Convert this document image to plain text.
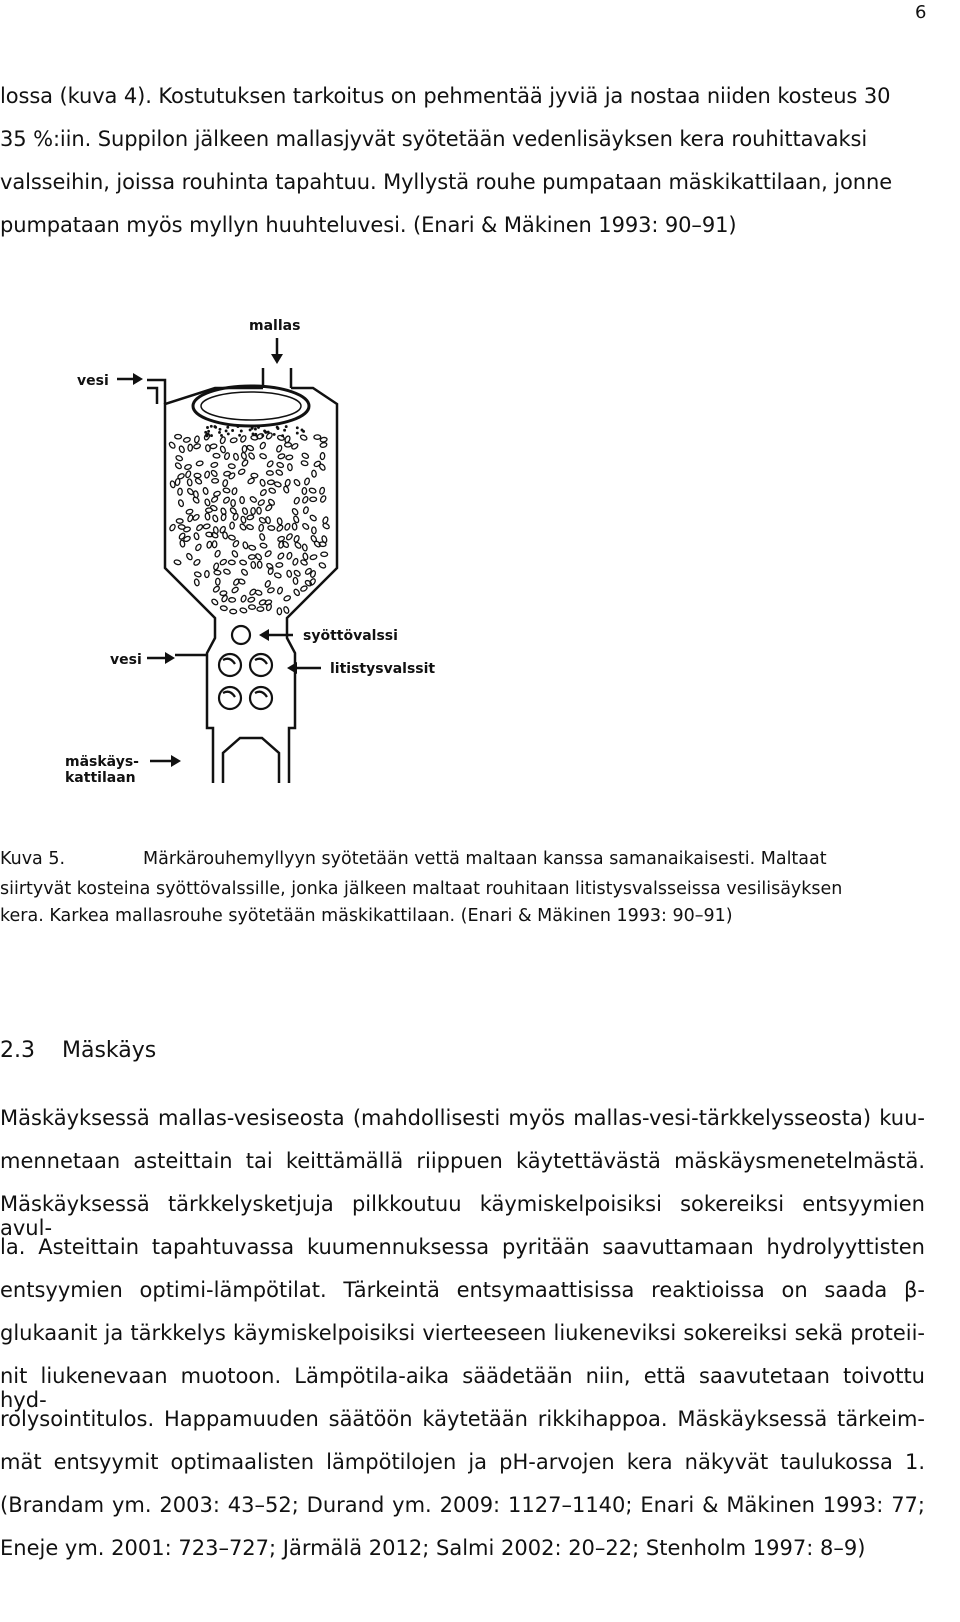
6
lossa (kuva 4). Kostutuksen tarkoitus on pehmentää jyviä ja nostaa niiden kosteus 30
35 %:iin. Suppilon jälkeen mallasjyvät syötetään vedenlisäyksen kera rouhittavaksi
valsseihin, joissa rouhinta tapahtuu. Myllystä rouhe pumpataan mäskikattilaan, jonne
pumpataan myös myllyn huuhteluvesi. (Enari & Mäkinen 1993: 90–91)
mallas
vesi
vesi
syöttövalssi
litistysvalssit
mäskäys-
kattilaan
Kuva 5.	Märkärouhemyllyyn syötetään vettä maltaan kanssa samanaikaisesti. Maltaat
siirtyvät kosteina syöttövalssille, jonka jälkeen maltaat rouhitaan litistysvalsseissa vesilisäyksen
kera. Karkea mallasrouhe syötetään mäskikattilaan. (Enari & Mäkinen 1993: 90–91)
2.3 Mäskäys
Mäskäyksessä mallas-vesiseosta (mahdollisesti myös mallas-vesi-tärkkelysseosta) kuu-
mennetaan asteittain tai keittämällä riippuen käytettävästä mäskäysmenetelmästä.
Mäskäyksessä tärkkelysketjuja pilkkoutuu käymiskelpoisiksi sokereiksi entsyymien avul-
la. Asteittain tapahtuvassa kuumennuksessa pyritään saavuttamaan hydrolyyttisten
entsyymien optimi-lämpötilat. Tärkeintä entsymaattisissa reaktioissa on saada β-
glukaanit ja tärkkelys käymiskelpoisiksi vierteeseen liukeneviksi sokereiksi sekä proteii-
nit liukenevaan muotoon. Lämpötila-aika säädetään niin, että saavutetaan toivottu hyd-
rolysointitulos. Happamuuden säätöön käytetään rikkihappoa. Mäskäyksessä tärkeim-
mät entsyymit optimaalisten lämpötilojen ja pH-arvojen kera näkyvät taulukossa 1.
(Brandam ym. 2003: 43–52; Durand ym. 2009: 1127–1140; Enari & Mäkinen 1993: 77;
Eneje ym. 2001: 723–727; Järmälä 2012; Salmi 2002: 20–22; Stenholm 1997: 8–9)
